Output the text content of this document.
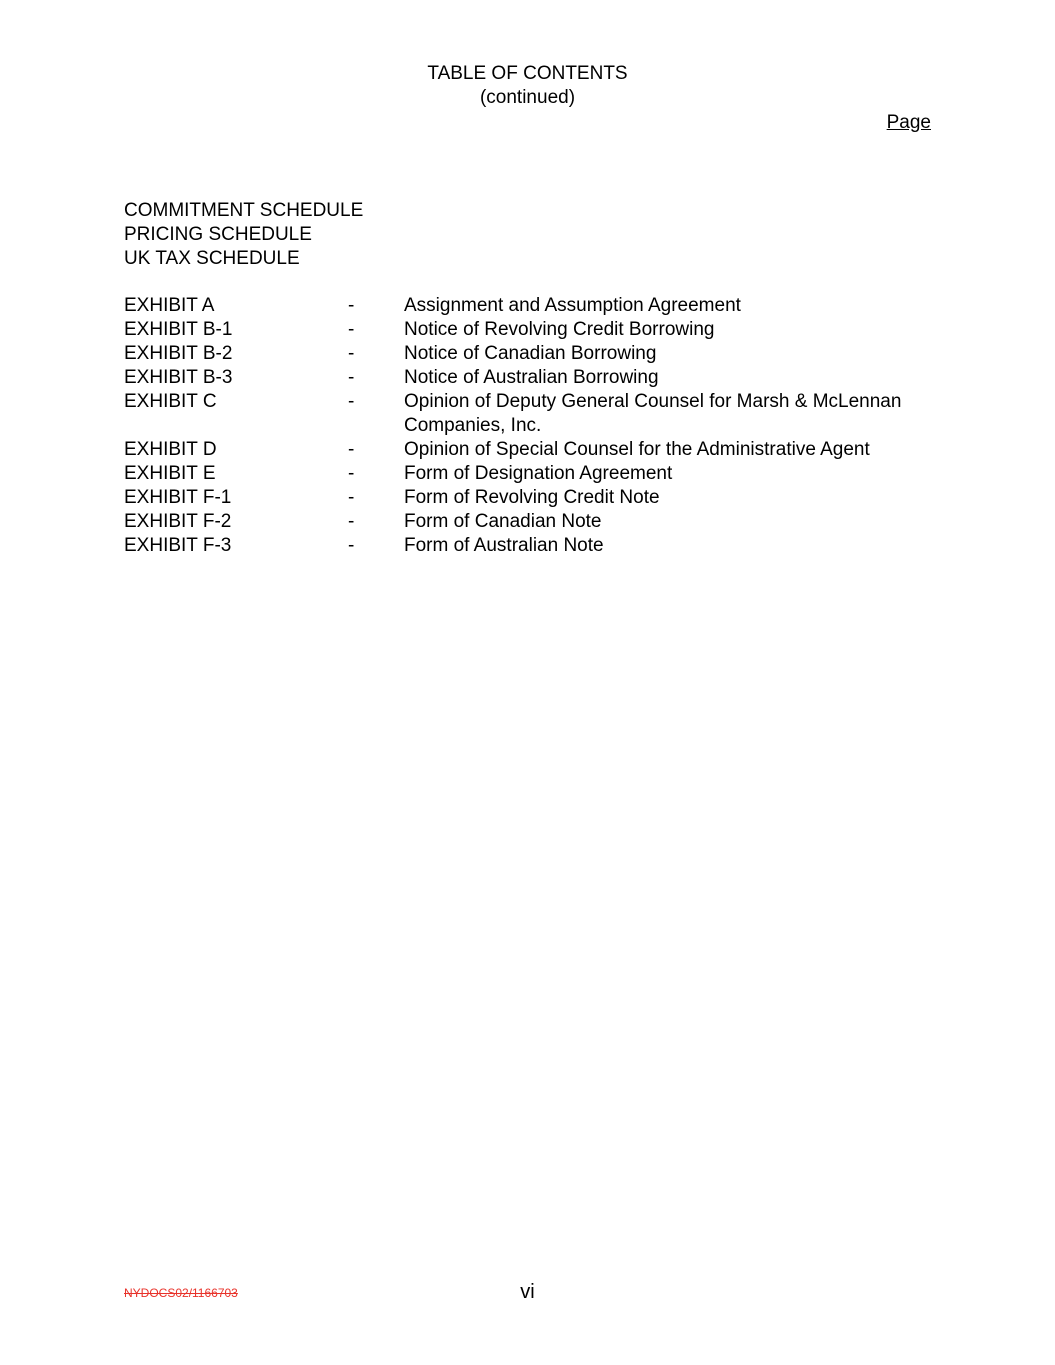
TABLE OF CONTENTS
(continued)
Page
COMMITMENT SCHEDULE
PRICING SCHEDULE
UK TAX SCHEDULE
EXHIBIT A	-	Assignment and Assumption Agreement
EXHIBIT B-1	-	Notice of Revolving Credit Borrowing
EXHIBIT B-2	-	Notice of Canadian Borrowing
EXHIBIT B-3	-	Notice of Australian Borrowing
EXHIBIT C	-	Opinion of Deputy General Counsel for Marsh & McLennan Companies, Inc.
EXHIBIT D	-	Opinion of Special Counsel for the Administrative Agent
EXHIBIT E	-	Form of Designation Agreement
EXHIBIT F-1	-	Form of Revolving Credit Note
EXHIBIT F-2	-	Form of Canadian Note
EXHIBIT F-3	-	Form of Australian Note
NYDOCS02/1166703	vi
